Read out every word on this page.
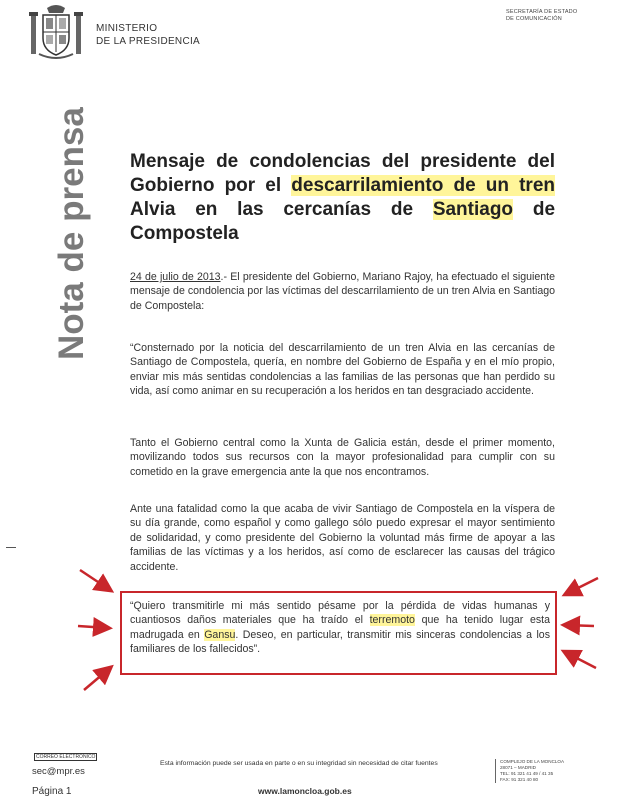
MINISTERIO
DE LA PRESIDENCIA
SECRETARÍA DE ESTADO
DE COMUNICACIÓN
Nota de prensa Mensaje de condolencias del presidente del Gobierno por el descarrilamiento de un tren Alvia en las cercanías de Santiago de Compostela
24 de julio de 2013.- El presidente del Gobierno, Mariano Rajoy, ha efectuado el siguiente mensaje de condolencia por las víctimas del descarrilamiento de un tren Alvia en Santiago de Compostela:
“Consternado por la noticia del descarrilamiento de un tren Alvia en las cercanías de Santiago de Compostela, quería, en nombre del Gobierno de España y en el mío propio, enviar mis más sentidas condolencias a las familias de las personas que han perdido su vida, así como animar en su recuperación a los heridos en tan desgraciado accidente.
Tanto el Gobierno central como la Xunta de Galicia están, desde el primer momento, movilizando todos sus recursos con la mayor profesionalidad para cumplir con su cometido en la grave emergencia ante la que nos encontramos.
Ante una fatalidad como la que acaba de vivir Santiago de Compostela en la víspera de su día grande, como español y como gallego sólo puedo expresar el mayor sentimiento de solidaridad, y como presidente del Gobierno la voluntad más firme de apoyar a las familias de las víctimas y a los heridos, así como de esclarecer las causas del trágico accidente.
“Quiero transmitirle mi más sentido pésame por la pérdida de vidas humanas y cuantiosos daños materiales que ha traído el terremoto que ha tenido lugar esta madrugada en Gansu. Deseo, en particular, transmitir mis sinceras condolencias a los familiares de los fallecidos”.
CORREO ELECTRÓNICO
sec@mpr.es
Página 1
Esta información puede ser usada en parte o en su integridad sin necesidad de citar fuentes
www.lamoncloa.gob.es
COMPLEJO DE LA MONCLOA
28071 – MADRID
TEL: 91 321 41 49 / 41 35
FAX: 91 321 40 80
